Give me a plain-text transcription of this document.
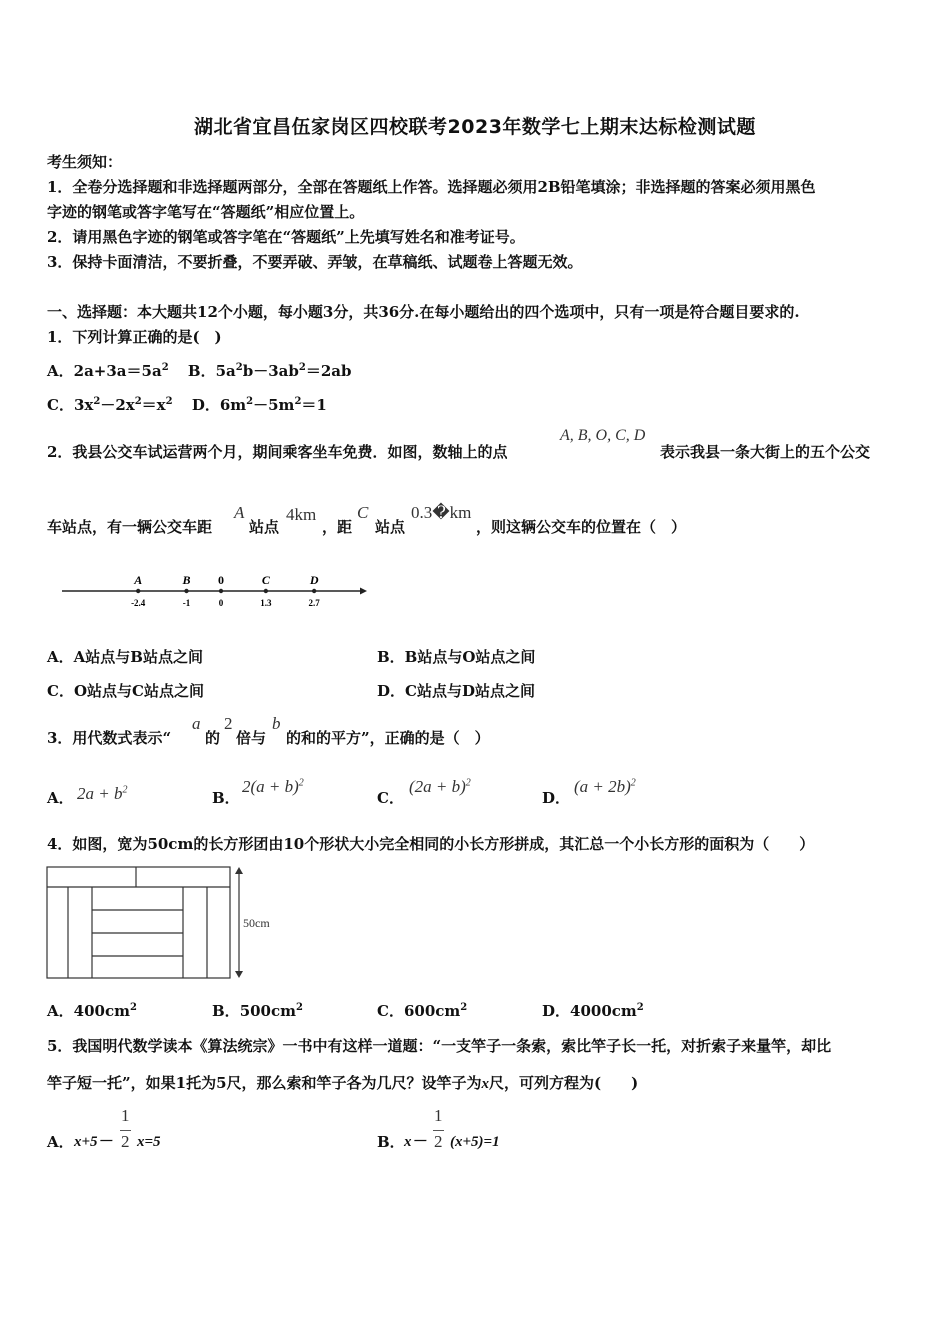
湖北省宜昌伍家岗区四校联考2023年数学七上期末达标检测试题
考生须知：
1．全卷分选择题和非选择题两部分，全部在答题纸上作答。选择题必须用2B铅笔填涂；非选择题的答案必须用黑色
字迹的钢笔或答字笔写在“答题纸”相应位置上。
2．请用黑色字迹的钢笔或答字笔在“答题纸”上先填写姓名和准考证号。
3．保持卡面清洁，不要折叠，不要弄破、弄皱，在草稿纸、试题卷上答题无效。
一、选择题：本大题共12个小题，每小题3分，共36分.在每小题给出的四个选项中，只有一项是符合题目要求的.
1．下列计算正确的是(　)
A．$2a+3a=5a^2$ B．$5a^2b-3ab^2=2ab$
C．$3x^2-2x^2=x^2$ D．$6m^2-5m^2=1$
2．我县公交车试运营两个月，期间乘客坐车免费．如图，数轴上的点
A, B, O, C, D
表示我县一条大街上的五个公交
车站点，有一辆公交车距
A
站点
4km
，距
C
站点
0.3�km
，则这辆公交车的位置在（　）
A
-2.4
B
-1
0
0
C
1.3
D
2.7
A．A站点与B站点之间	B．B站点与O站点之间
C．O站点与C站点之间	D．C站点与D站点之间
3．用代数式表示“
a
的
2
倍与
b
的和的平方”，正确的是（　）
A． $2a + b^2$	B．
$2(a + b)^2$
C．
$(2a + b)^2$
D．
$(a + 2b)^2$
4．如图，宽为50cm的长方形团由10个形状大小完全相同的小长方形拼成，其汇总一个小长方形的面积为（　　）
50cm
A．$400cm^2$	B．$500cm^2$	C．$600cm^2$	D．$4000cm^2$
5．我国明代数学读本《算法统宗》一书中有这样一道题：“一支竿子一条索，索比竿子长一托，对折索子来量竿，却比
竿子短一托”，如果1托为5尺，那么索和竿子各为几尺？设竿子为x尺，可列方程为(　　)
A． x+5－
1
2 x=5	B． x－
1
2 (x+5)=1
